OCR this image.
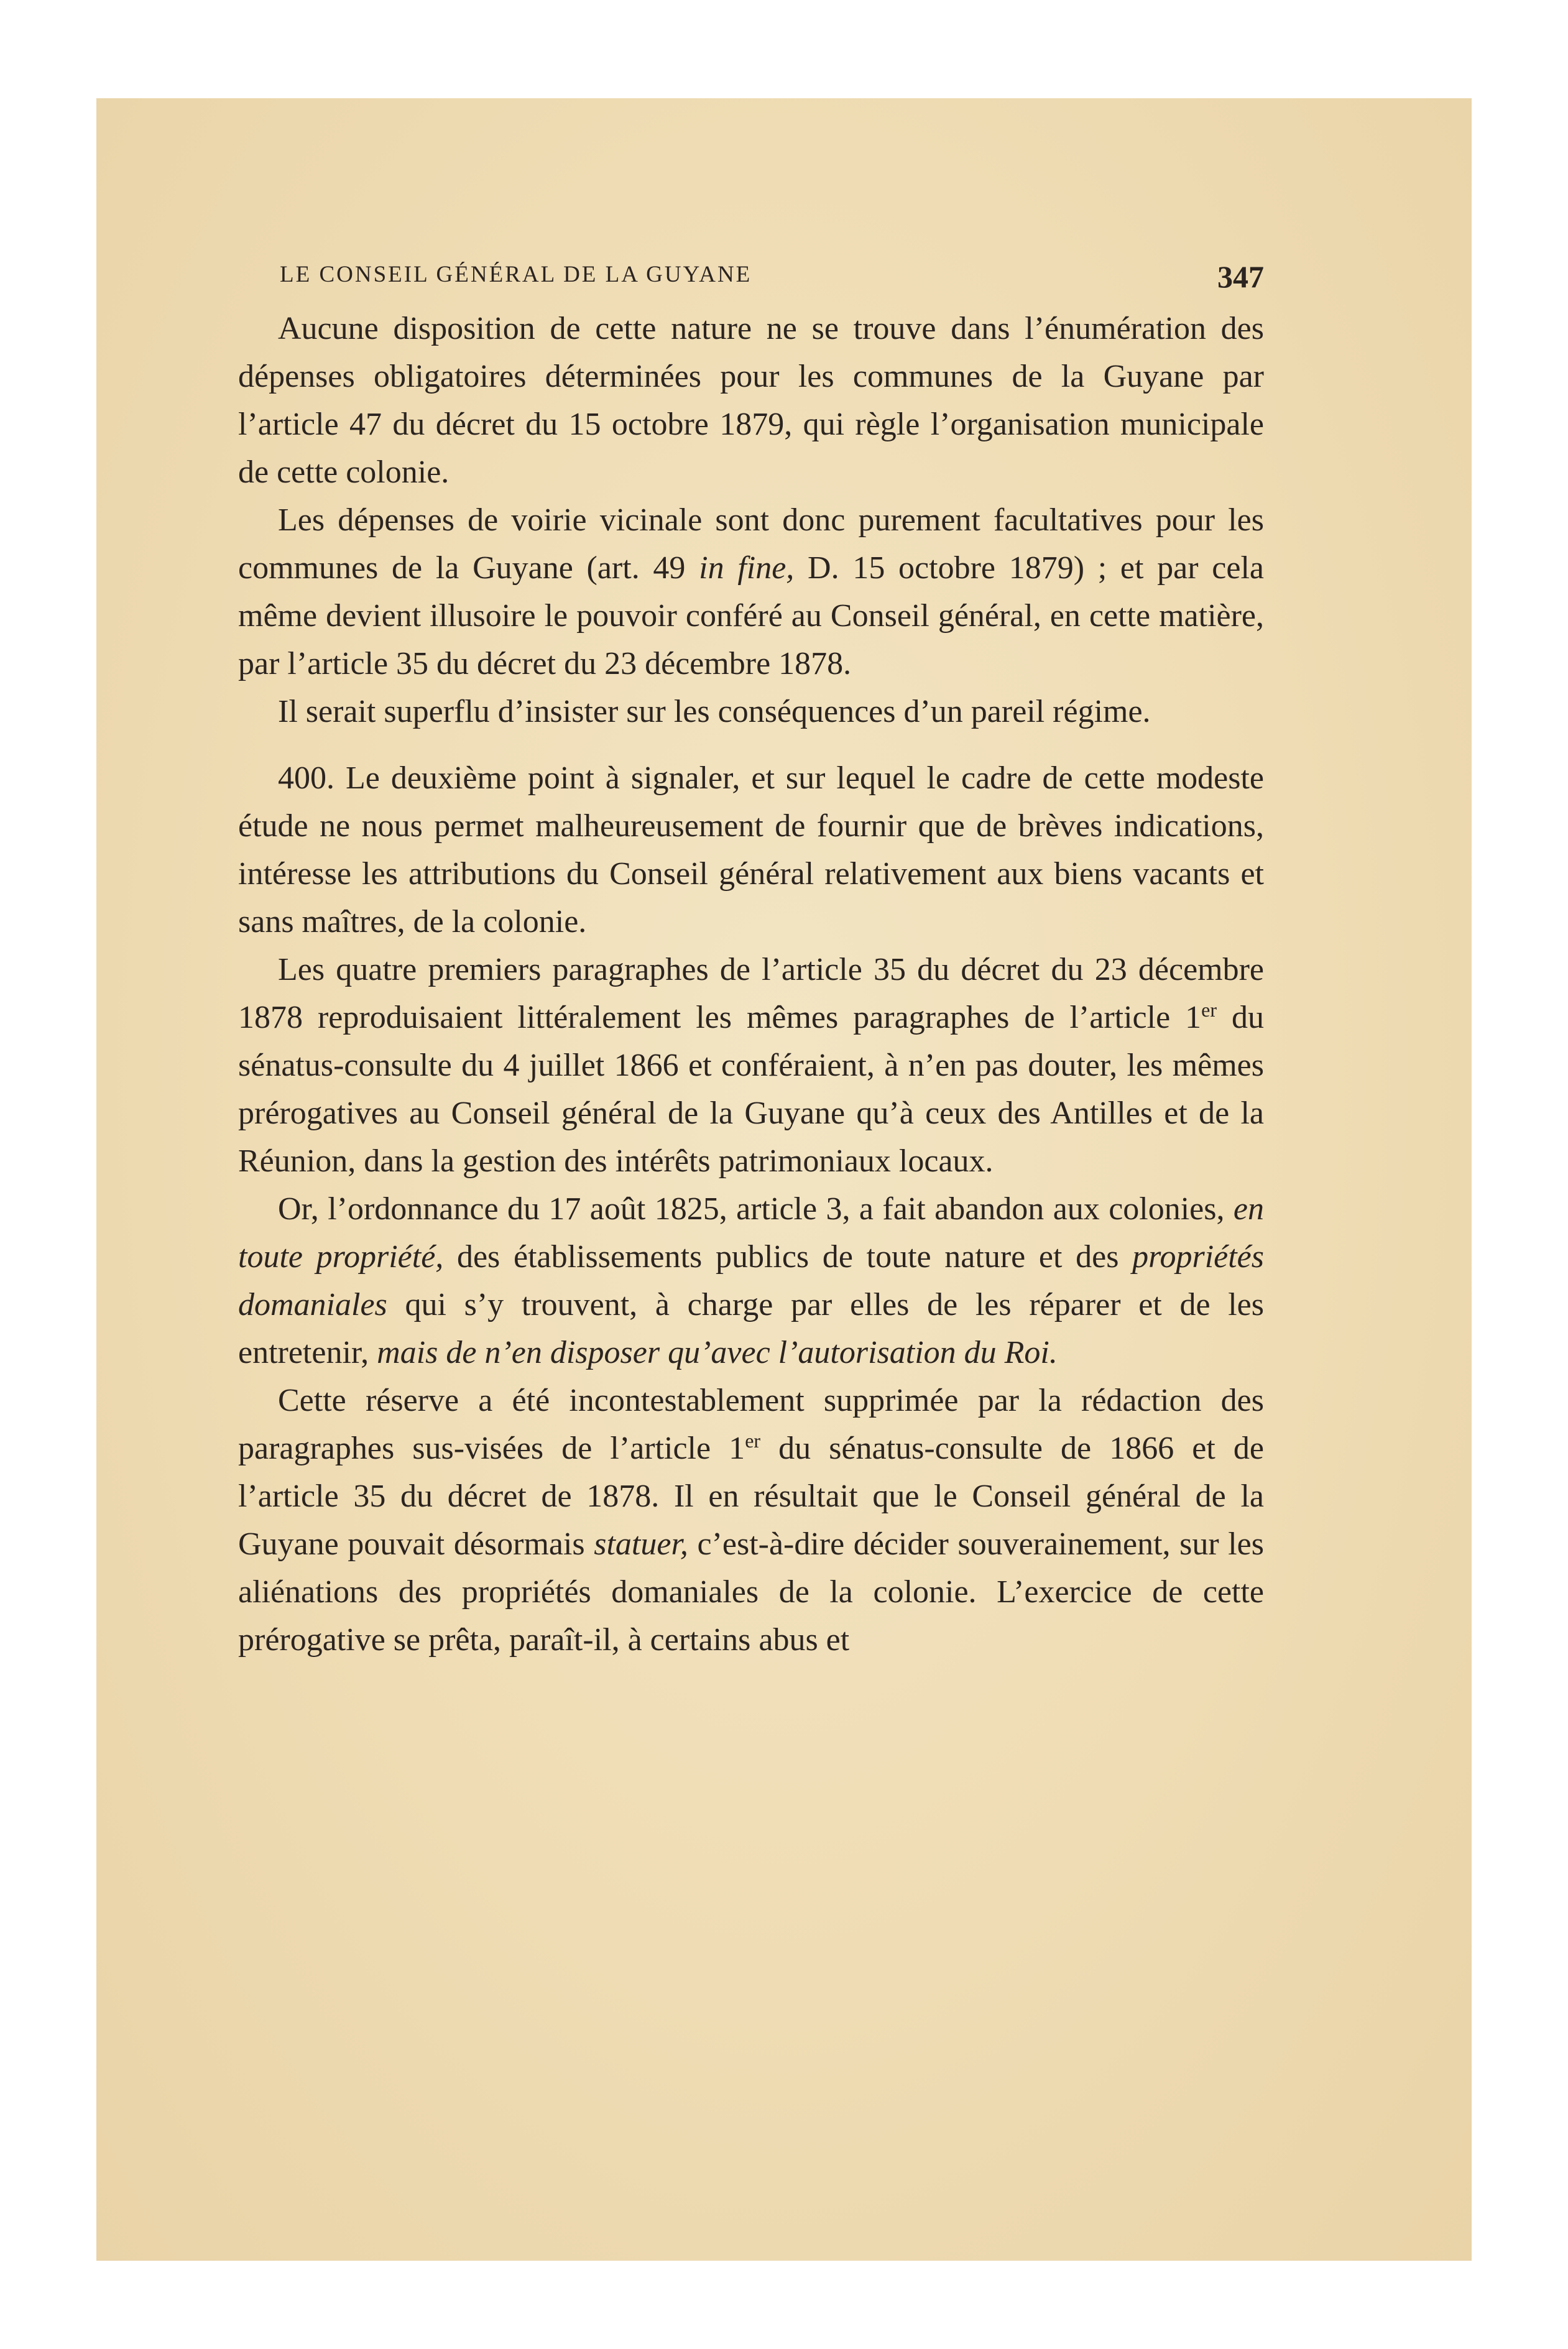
LE CONSEIL GÉNÉRAL DE LA GUYANE	347

Aucune disposition de cette nature ne se trouve dans l’énumération des dépenses obligatoires déterminées pour les communes de la Guyane par l’article 47 du décret du 15 octobre 1879, qui règle l’organisation municipale de cette colonie.

Les dépenses de voirie vicinale sont donc purement facultatives pour les communes de la Guyane (art. 49 in fine, D. 15 octobre 1879) ; et par cela même devient illusoire le pouvoir conféré au Conseil général, en cette matière, par l’article 35 du décret du 23 décembre 1878.

Il serait superflu d’insister sur les conséquences d’un pareil régime.

400. Le deuxième point à signaler, et sur lequel le cadre de cette modeste étude ne nous permet malheureusement de fournir que de brèves indications, intéresse les attributions du Conseil général relativement aux biens vacants et sans maîtres, de la colonie.

Les quatre premiers paragraphes de l’article 35 du décret du 23 décembre 1878 reproduisaient littéralement les mêmes paragraphes de l’article 1er du sénatus-consulte du 4 juillet 1866 et conféraient, à n’en pas douter, les mêmes prérogatives au Conseil général de la Guyane qu’à ceux des Antilles et de la Réunion, dans la gestion des intérêts patrimoniaux locaux.

Or, l’ordonnance du 17 août 1825, article 3, a fait abandon aux colonies, en toute propriété, des établissements publics de toute nature et des propriétés domaniales qui s’y trouvent, à charge par elles de les réparer et de les entretenir, mais de n’en disposer qu’avec l’autorisation du Roi.

Cette réserve a été incontestablement supprimée par la rédaction des paragraphes sus-visées de l’article 1er du sénatus-consulte de 1866 et de l’article 35 du décret de 1878. Il en résultait que le Conseil général de la Guyane pouvait désormais statuer, c’est-à-dire décider souverainement, sur les aliénations des propriétés domaniales de la colonie. L’exercice de cette prérogative se prêta, paraît-il, à certains abus et
